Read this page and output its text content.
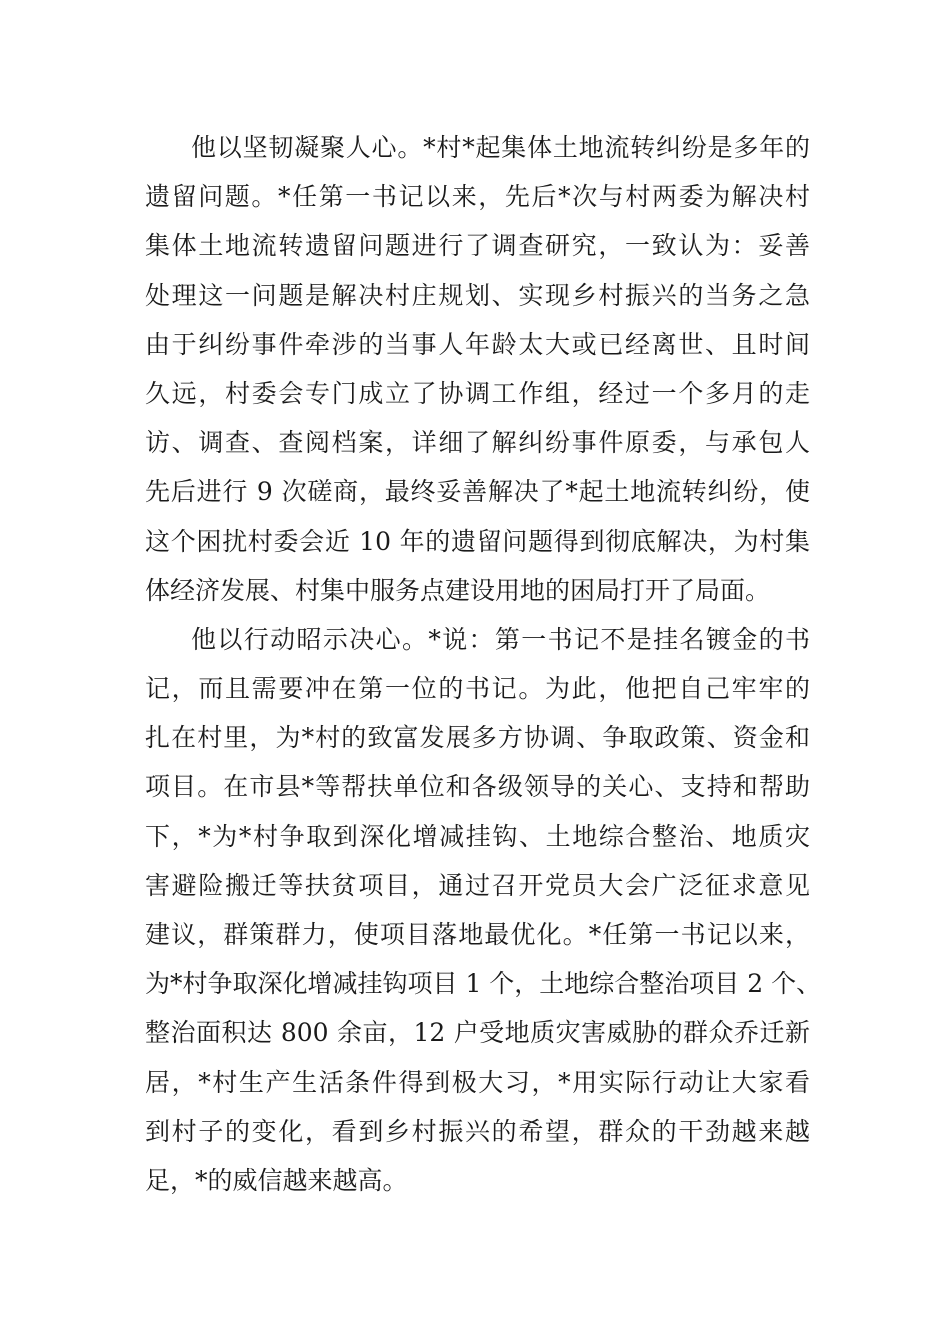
他以坚韧凝聚人心。*村*起集体土地流转纠纷是多年的
遗留问题。*任第一书记以来，先后*次与村两委为解决村
集体土地流转遗留问题进行了调查研究，一致认为：妥善
处理这一问题是解决村庄规划、实现乡村振兴的当务之急
由于纠纷事件牵涉的当事人年龄太大或已经离世、且时间
久远，村委会专门成立了协调工作组，经过一个多月的走
访、调查、查阅档案，详细了解纠纷事件原委，与承包人
先后进行 9 次磋商，最终妥善解决了*起土地流转纠纷，使
这个困扰村委会近 10 年的遗留问题得到彻底解决，为村集
体经济发展、村集中服务点建设用地的困局打开了局面。
他以行动昭示决心。*说：第一书记不是挂名镀金的书
记，而且需要冲在第一位的书记。为此，他把自己牢牢的
扎在村里，为*村的致富发展多方协调、争取政策、资金和
项目。在市县*等帮扶单位和各级领导的关心、支持和帮助
下，*为*村争取到深化增减挂钩、土地综合整治、地质灾
害避险搬迁等扶贫项目，通过召开党员大会广泛征求意见
建议，群策群力，使项目落地最优化。*任第一书记以来，
为*村争取深化增减挂钩项目 1 个，土地综合整治项目 2 个、
整治面积达 800 余亩，12 户受地质灾害威胁的群众乔迁新
居，*村生产生活条件得到极大习，*用实际行动让大家看
到村子的变化，看到乡村振兴的希望，群众的干劲越来越
足，*的威信越来越高。
